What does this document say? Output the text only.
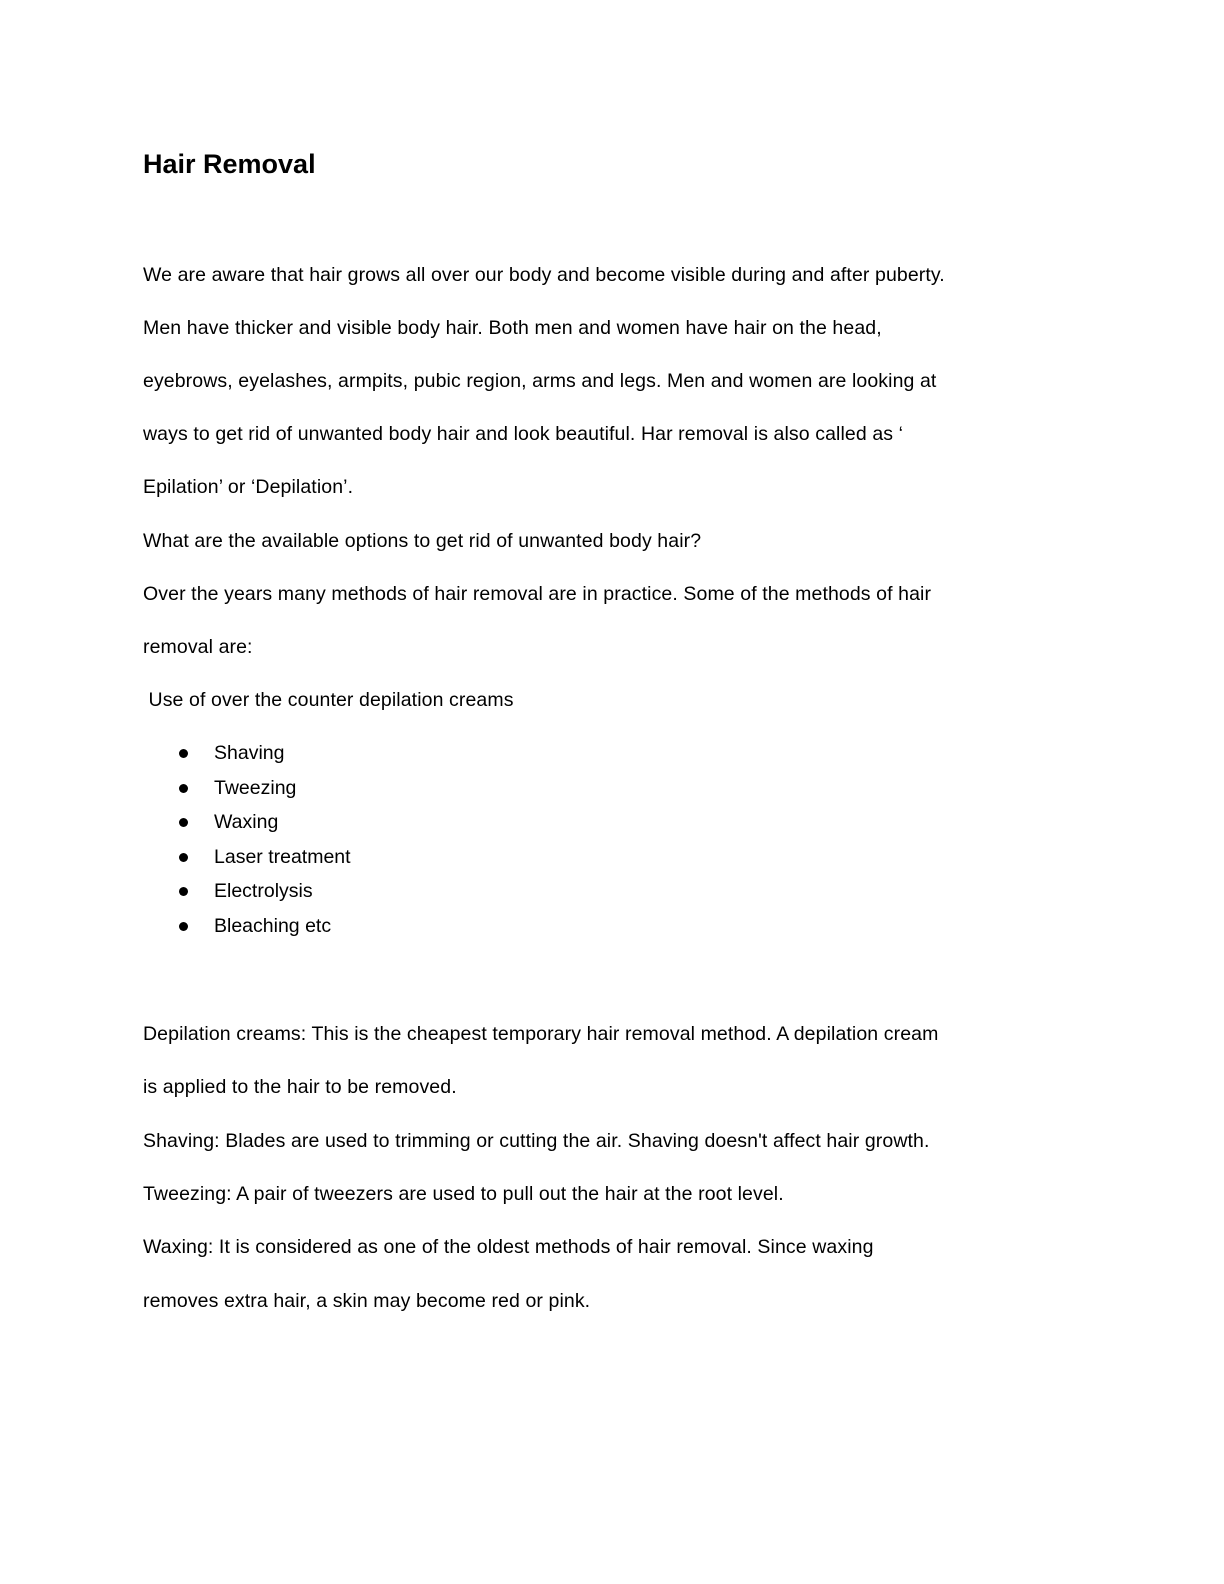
Hair Removal
We are aware that hair grows all over our body and become visible during and after puberty.
Men have thicker and visible body hair. Both men and women have hair on the head,
eyebrows, eyelashes, armpits, pubic region, arms and legs. Men and women are looking at
ways to get rid of unwanted body hair and look beautiful. Har removal is also called as ‘
Epilation’ or ‘Depilation’.
What are the available options to get rid of unwanted body hair?
Over the years many methods of hair removal are in practice. Some of the methods of hair
removal are:
Use of over the counter depilation creams
Shaving
Tweezing
Waxing
Laser treatment
Electrolysis
Bleaching etc
Depilation creams: This is the cheapest temporary hair removal method. A depilation cream
is applied to the hair to be removed.
Shaving: Blades are used to trimming or cutting the air. Shaving doesn't affect hair growth.
Tweezing: A pair of tweezers are used to pull out the hair at the root level.
Waxing: It is considered as one of the oldest methods of hair removal. Since waxing
removes extra hair, a skin may become red or pink.
